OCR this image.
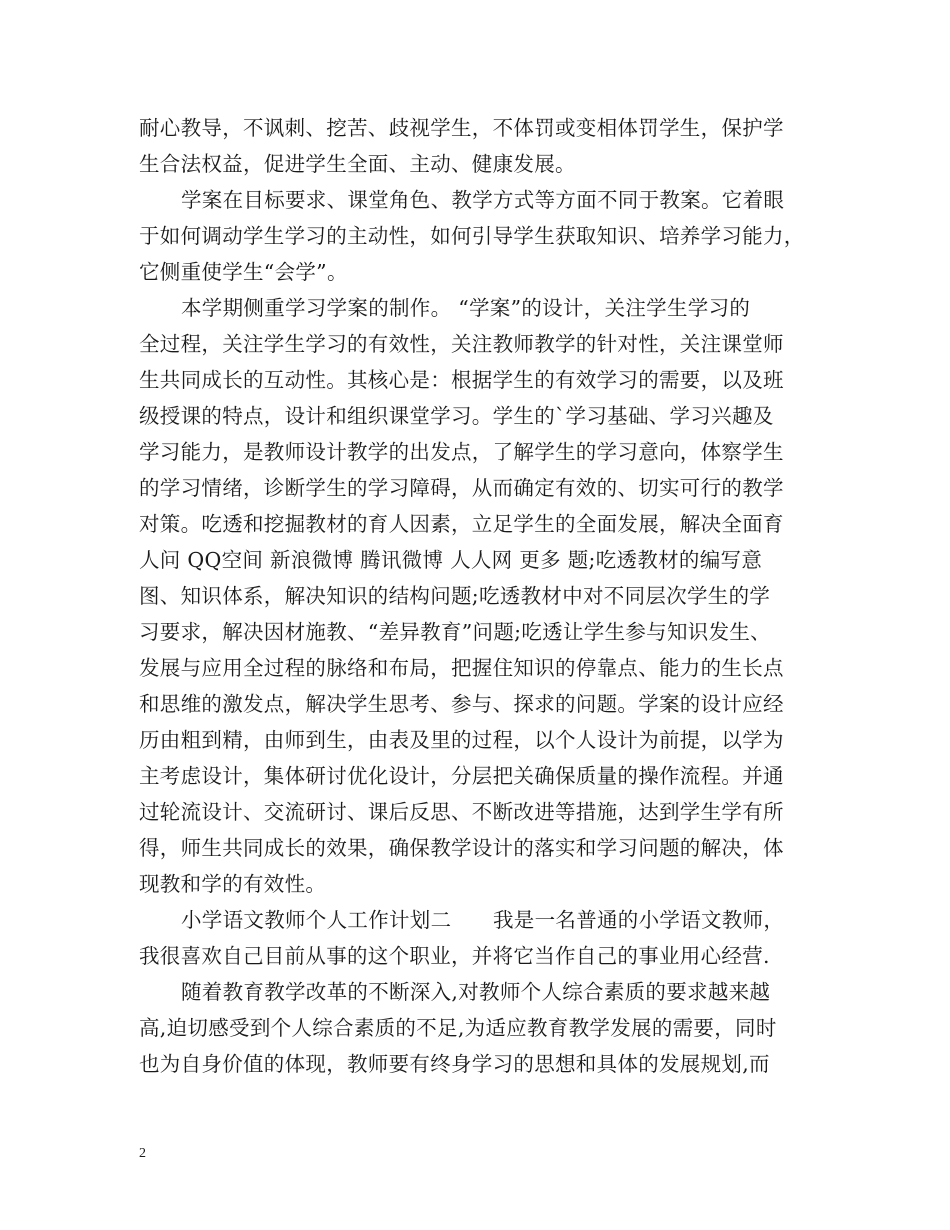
耐心教导，不讽刺、挖苦、歧视学生，不体罚或变相体罚学生，保护学
生合法权益，促进学生全面、主动、健康发展。
学案在目标要求、课堂角色、教学方式等方面不同于教案。它着眼
于如何调动学生学习的主动性，如何引导学生获取知识、培养学习能力，
它侧重使学生“会学”。
本学期侧重学习学案的制作。 “学案”的设计，关注学生学习的
全过程，关注学生学习的有效性，关注教师教学的针对性，关注课堂师
生共同成长的互动性。其核心是：根据学生的有效学习的需要，以及班
级授课的特点，设计和组织课堂学习。学生的`学习基础、学习兴趣及
学习能力，是教师设计教学的出发点，了解学生的学习意向，体察学生
的学习情绪，诊断学生的学习障碍，从而确定有效的、切实可行的教学
对策。吃透和挖掘教材的育人因素，立足学生的全面发展，解决全面育
人问 QQ空间 新浪微博 腾讯微博 人人网 更多 题;吃透教材的编写意
图、知识体系，解决知识的结构问题;吃透教材中对不同层次学生的学
习要求，解决因材施教、“差异教育”问题;吃透让学生参与知识发生、
发展与应用全过程的脉络和布局，把握住知识的停靠点、能力的生长点
和思维的激发点，解决学生思考、参与、探求的问题。学案的设计应经
历由粗到精，由师到生，由表及里的过程，以个人设计为前提，以学为
主考虑设计，集体研讨优化设计，分层把关确保质量的操作流程。并通
过轮流设计、交流研讨、课后反思、不断改进等措施，达到学生学有所
得，师生共同成长的效果，确保教学设计的落实和学习问题的解决，体
现教和学的有效性。
小学语文教师个人工作计划二　　我是一名普通的小学语文教师，
我很喜欢自己目前从事的这个职业，并将它当作自己的事业用心经营.
随着教育教学改革的不断深入,对教师个人综合素质的要求越来越
高,迫切感受到个人综合素质的不足,为适应教育教学发展的需要，同时
也为自身价值的体现，教师要有终身学习的思想和具体的发展规划,而
2
